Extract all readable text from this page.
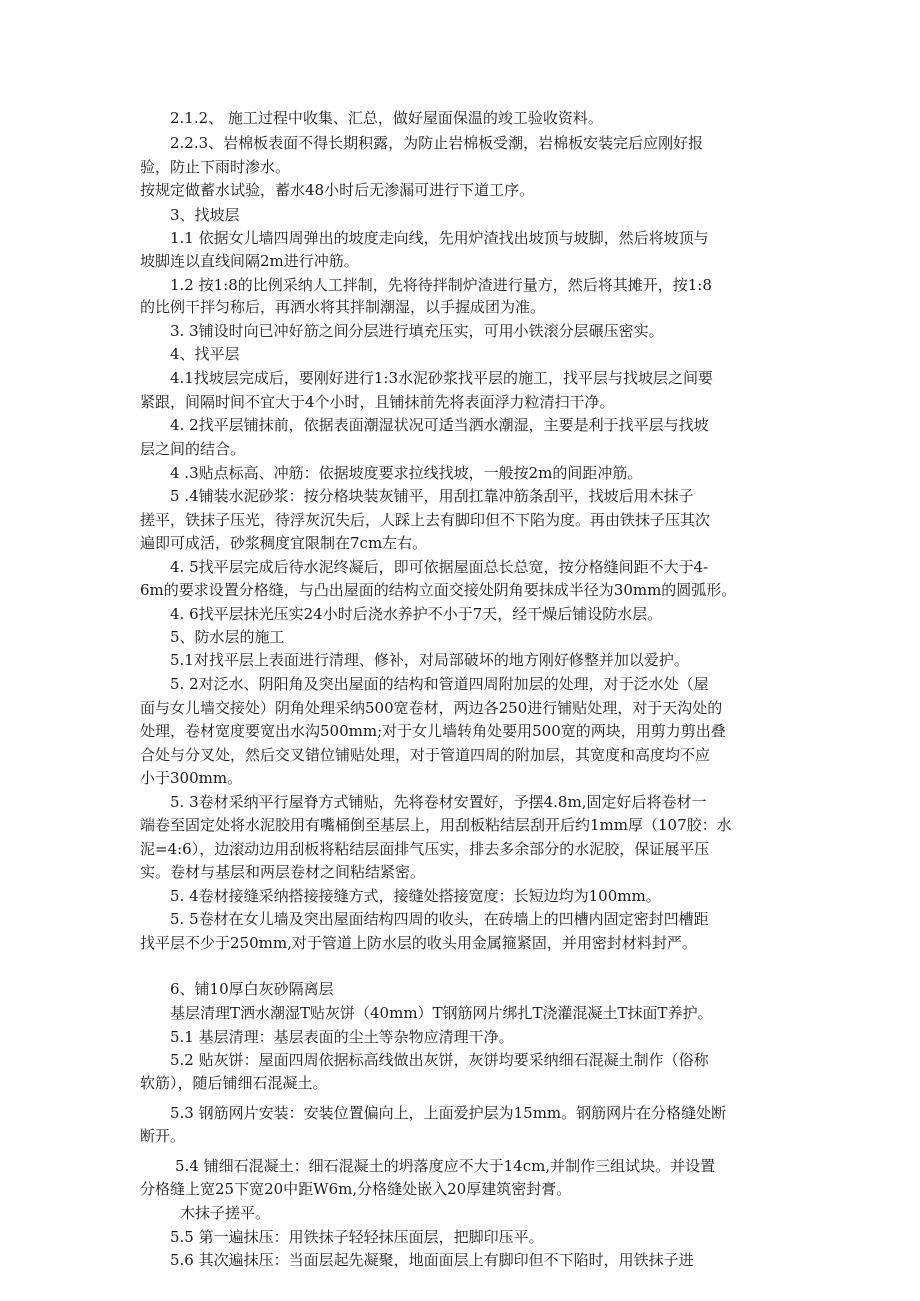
2.1.2、 施工过程中收集、汇总，做好屋面保温的竣工验收资料。
2.2.3、岩棉板表面不得长期积露，为防止岩棉板受潮，岩棉板安装完后应刚好报
验，防止下雨时渗水。
按规定做蓄水试验，蓄水48小时后无渗漏可进行下道工序。
3、找坡层
1.1 依据女儿墙四周弹出的坡度走向线，先用炉渣找出坡顶与坡脚，然后将坡顶与
坡脚连以直线间隔2m进行冲筋。
1.2 按1:8的比例采纳人工拌制，先将待拌制炉渣进行量方，然后将其摊开，按1:8
的比例干拌匀称后，再洒水将其拌制潮湿，以手握成团为准。
3. 3铺设时向已冲好筋之间分层进行填充压实，可用小铁滚分层碾压密实。
4、找平层
4.1找坡层完成后，要刚好进行1:3水泥砂浆找平层的施工，找平层与找坡层之间要
紧跟，间隔时间不宜大于4个小时，且铺抹前先将表面浮力粒清扫干净。
4. 2找平层铺抹前，依据表面潮湿状况可适当洒水潮湿，主要是利于找平层与找坡
层之间的结合。
4 .3贴点标高、冲筋：依据坡度要求拉线找坡，一般按2m的间距冲筋。
5 .4铺装水泥砂浆：按分格块装灰铺平，用刮扛靠冲筋条刮平，找坡后用木抹子
搓平，铁抹子压光，待浮灰沉失后，人踩上去有脚印但不下陷为度。再由铁抹子压其次
遍即可成活，砂浆稠度宜限制在7cm左右。
4. 5找平层完成后待水泥终凝后，即可依据屋面总长总宽，按分格缝间距不大于4-
6m的要求设置分格缝，与凸出屋面的结构立面交接处阴角要抹成半径为30mm的圆弧形。
4. 6找平层抹光压实24小时后浇水养护不小于7天，经干燥后铺设防水层。
5、防水层的施工
5.1对找平层上表面进行清理、修补，对局部破坏的地方刚好修整并加以爱护。
5. 2对泛水、阴阳角及突出屋面的结构和管道四周附加层的处理，对于泛水处（屋
面与女儿墙交接处）阴角处理采纳500宽卷材，两边各250进行铺贴处理，对于天沟处的
处理，卷材宽度要宽出水沟500mm;对于女儿墙转角处要用500宽的两块，用剪力剪出叠
合处与分叉处，然后交叉错位铺贴处理，对于管道四周的附加层，其宽度和高度均不应
小于300mm。
5. 3卷材采纳平行屋脊方式铺贴，先将卷材安置好，予摆4.8m,固定好后将卷材一
端卷至固定处将水泥胶用有嘴桶倒至基层上，用刮板粘结层刮开后约1mm厚（107胶：水
泥=4:6），边滚动边用刮板将粘结层面排气压实，排去多余部分的水泥胶，保证展平压
实。卷材与基层和两层卷材之间粘结紧密。
5. 4卷材接缝采纳搭接接缝方式，接缝处搭接宽度：长短边均为100mm。
5. 5卷材在女儿墙及突出屋面结构四周的收头，在砖墙上的凹槽内固定密封凹槽距
找平层不少于250mm,对于管道上防水层的收头用金属箍紧固，并用密封材料封严。
6、铺10厚白灰砂隔离层
基层清理T洒水潮湿T贴灰饼（40mm）T钢筋网片绑扎T浇灌混凝土T抹面T养护。
5.1 基层清理：基层表面的尘土等杂物应清理干净。
5.2 贴灰饼：屋面四周依据标高线做出灰饼，灰饼均要采纳细石混凝土制作（俗称
软筋），随后铺细石混凝土。
5.3 钢筋网片安装：安装位置偏向上，上面爱护层为15mm。钢筋网片在分格缝处断
断开。
5.4 铺细石混凝土：细石混凝土的坍落度应不大于14cm,并制作三组试块。并设置
分格缝上宽25下宽20中距W6m,分格缝处嵌入20厚建筑密封膏。
木抹子搓平。
5.5 第一遍抹压：用铁抹子轻轻抹压面层，把脚印压平。
5.6 其次遍抹压：当面层起先凝聚，地面面层上有脚印但不下陷时，用铁抹子进
